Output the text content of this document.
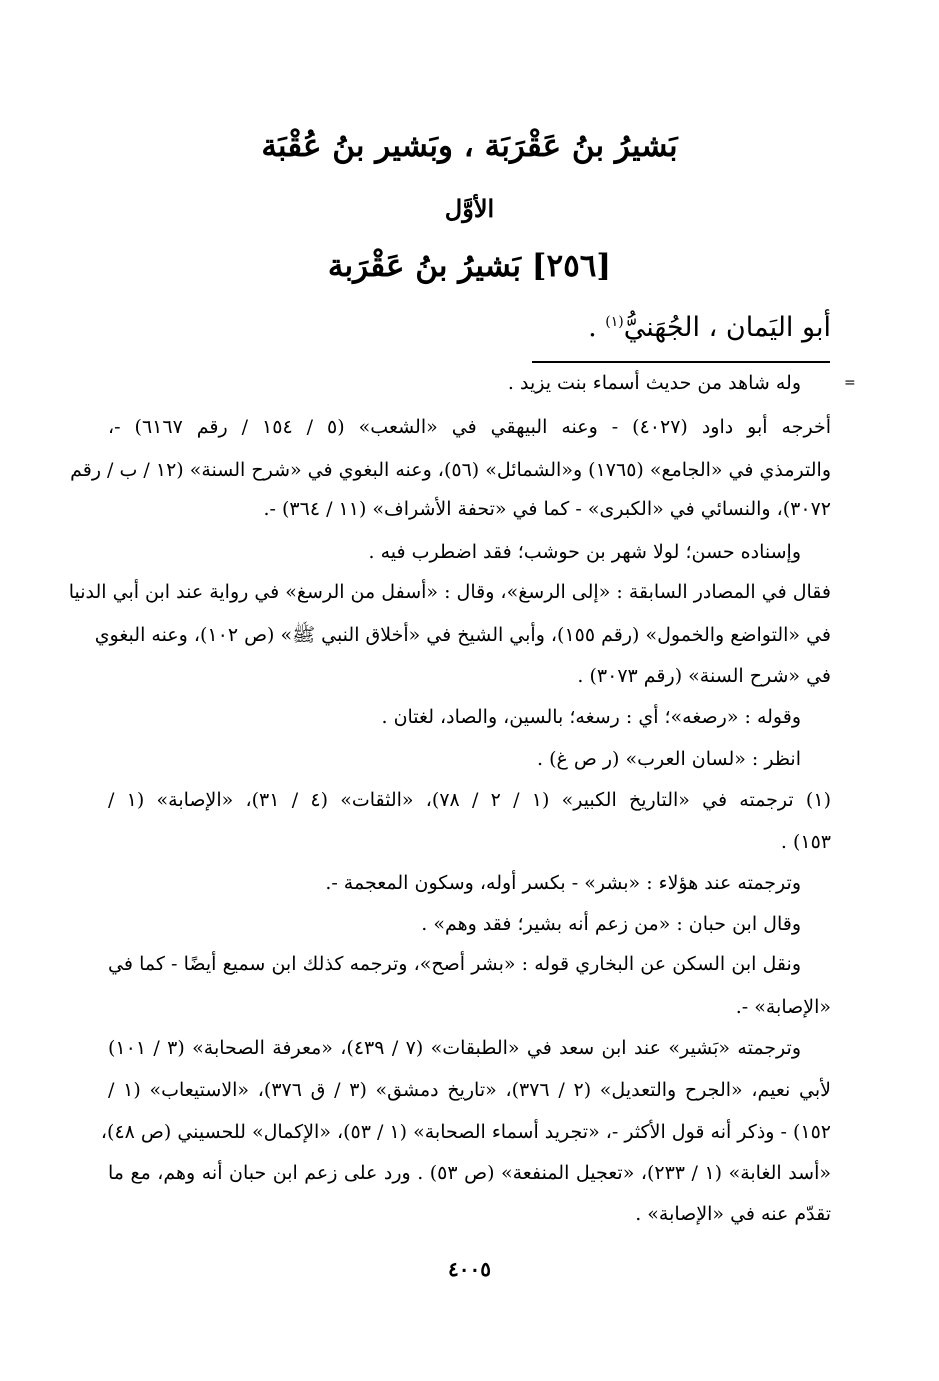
بَشيرُ بنُ عَقْرَبَة ، وبَشير بنُ عُقْبَة
الأوَّل
[٢٥٦] بَشيرُ بنُ عَقْرَبة
أبو اليَمان ، الجُهَنيُّ$^{(١)}$ .
=
وله شاهد من حديث أسماء بنت يزيد .
أخرجه أبو داود (٤٠٢٧) - وعنه البيهقي في «الشعب» (٥ / ١٥٤ / رقم ٦١٦٧) -،
والترمذي في «الجامع» (١٧٦٥) و«الشمائل» (٥٦)، وعنه البغوي في «شرح السنة» (١٢ / ب / رقم
٣٠٧٢)، والنسائي في «الكبرى» - كما في «تحفة الأشراف» (١١ / ٣٦٤) -.
وإسناده حسن؛ لولا شهر بن حوشب؛ فقد اضطرب فيه .
فقال في المصادر السابقة : «إلى الرسغ»، وقال : «أسفل من الرسغ» في رواية عند ابن أبي الدنيا
في «التواضع والخمول» (رقم ١٥٥)، وأبي الشيخ في «أخلاق النبي ﷺ» (ص ١٠٢)، وعنه البغوي
في «شرح السنة» (رقم ٣٠٧٣) .
وقوله : «رصغه»؛ أي : رسغه؛ بالسين، والصاد، لغتان .
انظر : «لسان العرب» (ر ص غ) .
(١) ترجمته في «التاريخ الكبير» (١ / ٢ / ٧٨)، «الثقات» (٤ / ٣١)، «الإصابة» (١ /
١٥٣) .
وترجمته عند هؤلاء : «بشر» - بكسر أوله، وسكون المعجمة -.
وقال ابن حبان : «من زعم أنه بشير؛ فقد وهم» .
ونقل ابن السكن عن البخاري قوله : «بشر أصح»، وترجمه كذلك ابن سميع أيضًا - كما في
«الإصابة» -.
وترجمته «بَشير» عند ابن سعد في «الطبقات» (٧ / ٤٣٩)، «معرفة الصحابة» (٣ / ١٠١)
لأبي نعيم، «الجرح والتعديل» (٢ / ٣٧٦)، «تاريخ دمشق» (٣ / ق ٣٧٦)، «الاستيعاب» (١ /
١٥٢) - وذكر أنه قول الأكثر -، «تجريد أسماء الصحابة» (١ / ٥٣)، «الإكمال» للحسيني (ص ٤٨)،
«أسد الغابة» (١ / ٢٣٣)، «تعجيل المنفعة» (ص ٥٣) . ورد على زعم ابن حبان أنه وهم، مع ما
تقدّم عنه في «الإصابة» .
٤٠٠٥
